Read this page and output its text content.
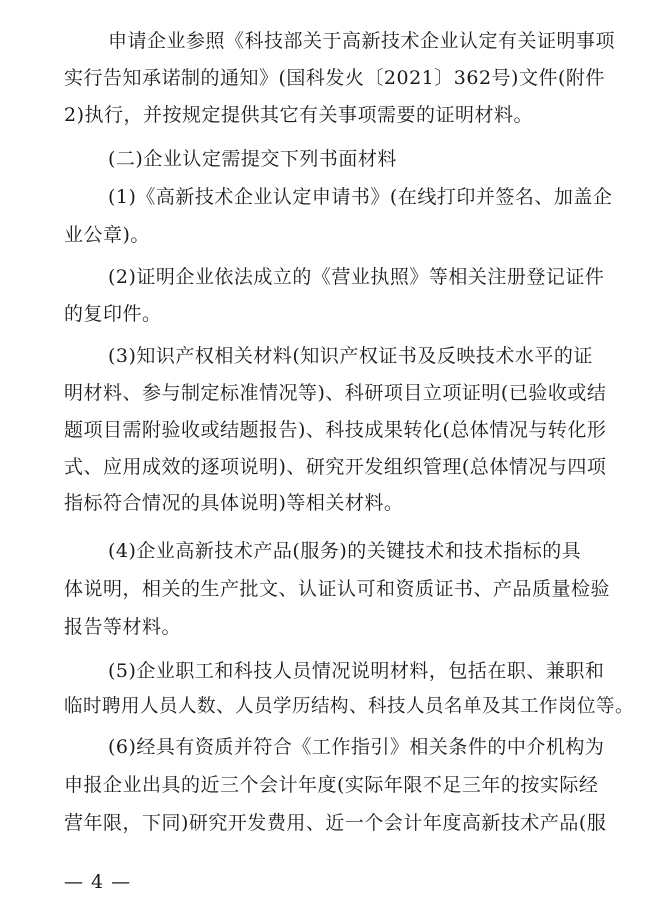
申请企业参照《科技部关于高新技术企业认定有关证明事项
实行告知承诺制的通知》(国科发火〔2021〕362号)文件(附件
2)执行，并按规定提供其它有关事项需要的证明材料。
(二)企业认定需提交下列书面材料
(1)《高新技术企业认定申请书》(在线打印并签名、加盖企
业公章)。
(2)证明企业依法成立的《营业执照》等相关注册登记证件
的复印件。
(3)知识产权相关材料(知识产权证书及反映技术水平的证
明材料、参与制定标准情况等)、科研项目立项证明(已验收或结
题项目需附验收或结题报告)、科技成果转化(总体情况与转化形
式、应用成效的逐项说明)、研究开发组织管理(总体情况与四项
指标符合情况的具体说明)等相关材料。
(4)企业高新技术产品(服务)的关键技术和技术指标的具
体说明，相关的生产批文、认证认可和资质证书、产品质量检验
报告等材料。
(5)企业职工和科技人员情况说明材料，包括在职、兼职和
临时聘用人员人数、人员学历结构、科技人员名单及其工作岗位等。
(6)经具有资质并符合《工作指引》相关条件的中介机构为
申报企业出具的近三个会计年度(实际年限不足三年的按实际经
营年限，下同)研究开发费用、近一个会计年度高新技术产品(服
— 4 —
